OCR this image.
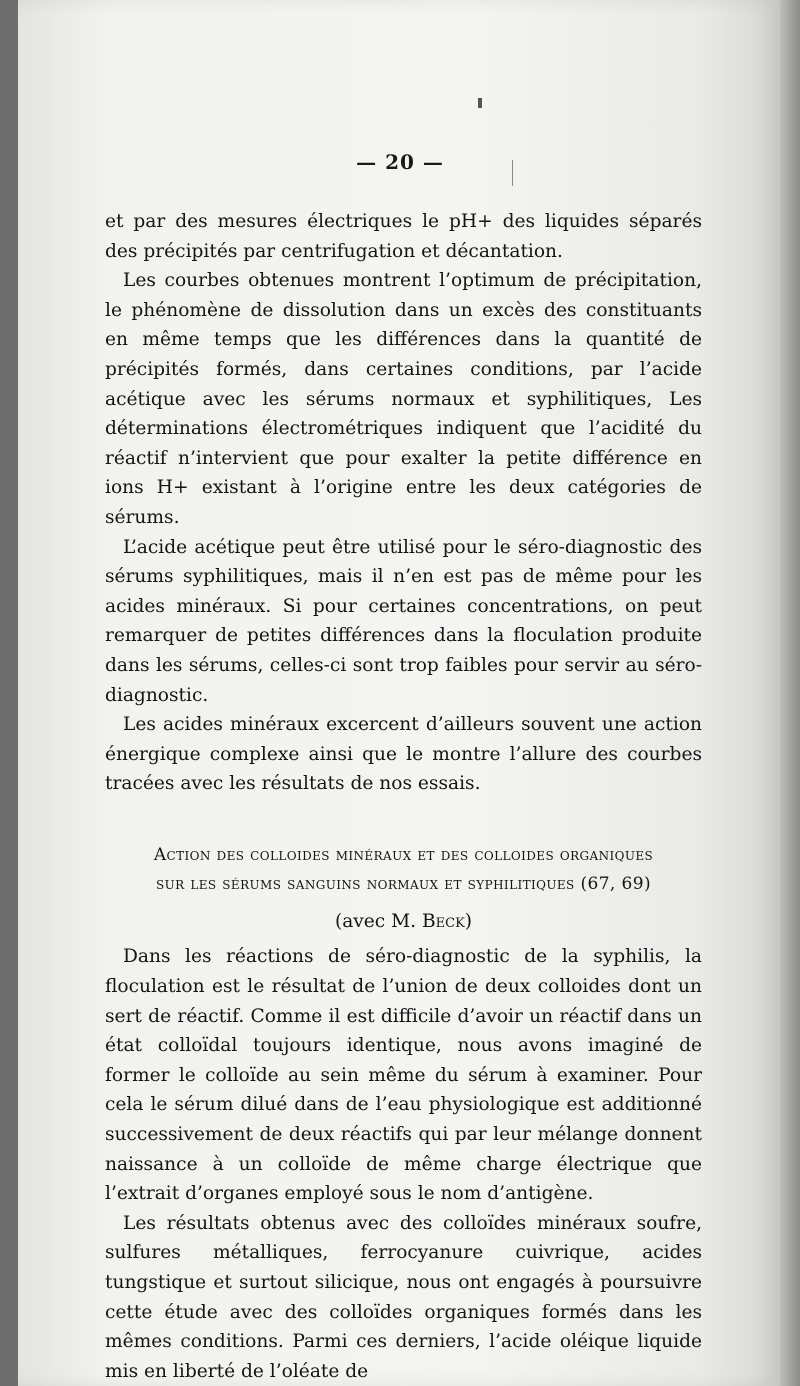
— 20 —

et par des mesures électriques le pH+ des liquides séparés des précipités par centrifugation et décantation.

Les courbes obtenues montrent l’optimum de précipitation, le phénomène de dissolution dans un excès des constituants en même temps que les différences dans la quantité de précipités formés, dans certaines conditions, par l’acide acétique avec les sérums normaux et syphilitiques, Les déterminations électrométriques indiquent que l’acidité du réactif n’intervient que pour exalter la petite différence en ions H+ existant à l’origine entre les deux catégories de sérums.

L’acide acétique peut être utilisé pour le séro-diagnostic des sérums syphilitiques, mais il n’en est pas de même pour les acides minéraux. Si pour certaines concentrations, on peut remarquer de petites différences dans la floculation produite dans les sérums, celles-ci sont trop faibles pour servir au séro-diagnostic.

Les acides minéraux excercent d’ailleurs souvent une action énergique complexe ainsi que le montre l’allure des courbes tracées avec les résultats de nos essais.

Action des colloides minéraux et des colloides organiques
sur les sérums sanguins normaux et syphilitiques (67, 69)
(avec M. Beck)

Dans les réactions de séro-diagnostic de la syphilis, la floculation est le résultat de l’union de deux colloides dont un sert de réactif. Comme il est difficile d’avoir un réactif dans un état colloïdal toujours identique, nous avons imaginé de former le colloïde au sein même du sérum à examiner. Pour cela le sérum dilué dans de l’eau physiologique est additionné successivement de deux réactifs qui par leur mélange donnent naissance à un colloïde de même charge électrique que l’extrait d’organes employé sous le nom d’antigène.

Les résultats obtenus avec des colloïdes minéraux soufre, sulfures métalliques, ferrocyanure cuivrique, acides tungstique et surtout silicique, nous ont engagés à poursuivre cette étude avec des colloïdes organiques formés dans les mêmes conditions. Parmi ces derniers, l’acide oléique liquide mis en liberté de l’oléate de
